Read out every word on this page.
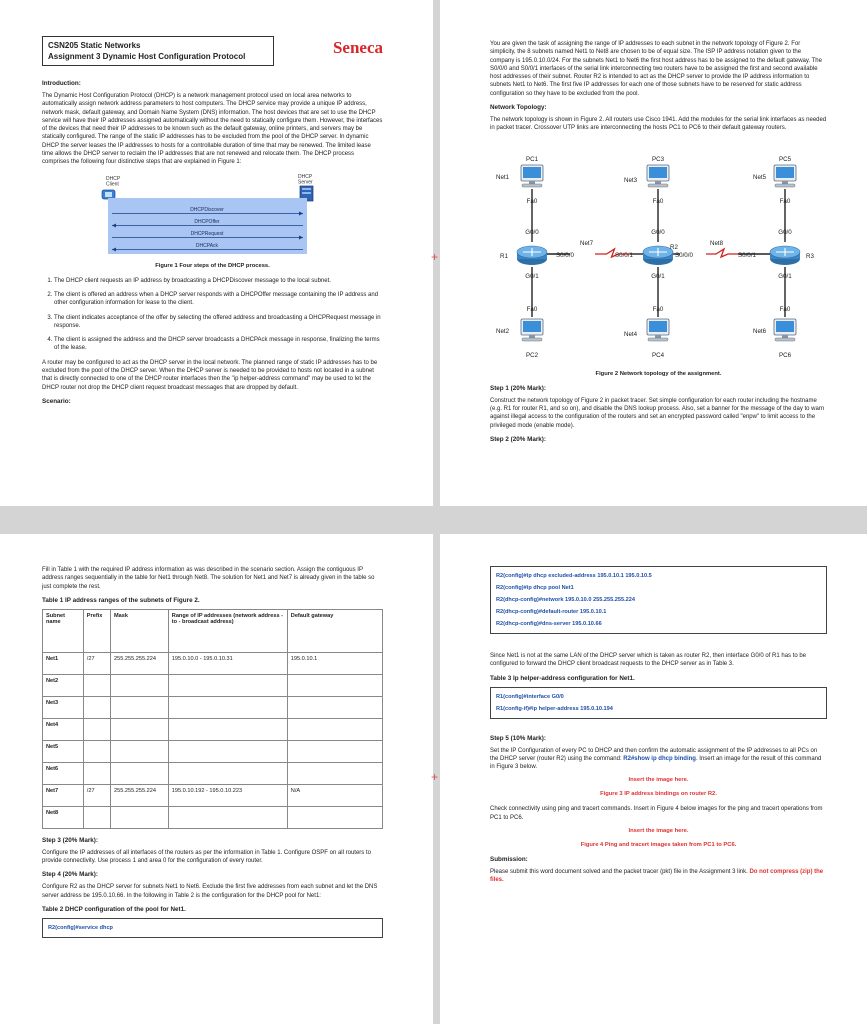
CSN205 Static Networks
Assignment 3 Dynamic Host Configuration Protocol	Seneca
Introduction:

The Dynamic Host Configuration Protocol (DHCP) is a network management protocol used on local area networks to automatically assign network address parameters to host computers. The DHCP service may provide a unique IP address, network mask, default gateway, and Domain Name System (DNS) information. The host devices that are set to use the DHCP service will have their IP addresses assigned automatically without the need to statically configure them. However, the interfaces of the devices that need their IP addresses to be known such as the default gateway, online printers, and servers may be statically configured. The range of the static IP addresses has to be excluded from the pool of the DHCP server. In dynamic DHCP the server leases the IP addresses to hosts for a controllable duration of time that may be renewed. The limited lease time allows the DHCP server to reclaim the IP addresses that are not renewed and relocate them. The DHCP process comprises the following four distinctive steps that are explained in Figure 1:

DHCP Client
DHCP Server
DHCPDiscover
DHCPOffer
DHCPRequest
DHCPAck
Figure 1 Four steps of the DHCP process.
1. The DHCP client requests an IP address by broadcasting a DHCPDiscover message to the local subnet.
2. The client is offered an address when a DHCP server responds with a DHCPOffer message containing the IP address and other configuration information for lease to the client.
3. The client indicates acceptance of the offer by selecting the offered address and broadcasting a DHCPRequest message in response.
4. The client is assigned the address and the DHCP server broadcasts a DHCPAck message in response, finalizing the terms of the lease.

A router may be configured to act as the DHCP server in the local network. The planned range of static IP addresses has to be excluded from the pool of the DHCP server. When the DHCP server is needed to be provided to hosts not located in a subnet that is directly connected to one of the DHCP router interfaces then the "ip helper-address command" may be used to let the DHCP router not drop the DHCP client request broadcast messages that are dropped by default.

Scenario:

You are given the task of assigning the range of IP addresses to each subnet in the network topology of Figure 2. For simplicity, the 8 subnets named Net1 to Net8 are chosen to be of equal size. The ISP IP address notation given to the company is 195.0.10.0/24. For the subnets Net1 to Net6 the first host address has to be assigned to the default gateway. The S0/0/0 and S0/0/1 interfaces of the serial link interconnecting two routers have to be assigned the first and second available host addresses of their subnet. Router R2 is intended to act as the DHCP server to provide the IP address information to subnets Net1 to Net6. The first five IP addresses for each one of those subnets have to be reserved for static address configuration so they have to be excluded from the pool.

Network Topology:

The network topology is shown in Figure 2. All routers use Cisco 1941. Add the modules for the serial link interfaces as needed in packet tracer. Crossover UTP links are interconnecting the hosts PC1 to PC6 to their default gateway routers.

PC1
PC2
Fa0
G0/0
G0/1
Fa0
PC3
PC4
Fa0
G0/0
G0/1
Fa0
PC5
PC6
Fa0
G0/0
G0/1
Fa0
Net1	Net3	Net5
Net2	Net4	Net6
Net7	Net8
R1
R2
R3
S0/0/0	S0/0/1	S0/0/0	S0/0/1
Figure 2 Network topology of the assignment.
Step 1 (20% Mark):

Construct the network topology of Figure 2 in packet tracer. Set simple configuration for each router including the hostname (e.g. R1 for router R1, and so on), and disable the DNS lookup process. Also, set a banner for the message of the day to warn against illegal access to the configuration of the routers and set an encrypted password called "enpw" to limit access to the privileged mode (enable mode).

Step 2 (20% Mark):

Fill in Table 1 with the required IP address information as was described in the scenario section. Assign the contiguous IP address ranges sequentially in the table for Net1 through Net8. The solution for Net1 and Net7 is already given in the table so just complete the rest.

Table 1 IP address ranges of the subnets of Figure 2.
Subnet name	Prefix	Mask	Range of IP addresses (network address - to - broadcast address)	Default gateway
Net1	/27	255.255.255.224	195.0.10.0 - 195.0.10.31	195.0.10.1
Net2				
Net3				
Net4				
Net5				
Net6				
Net7	/27	255.255.255.224	195.0.10.192 - 195.0.10.223	N/A
Net8				
Step 3 (20% Mark):

Configure the IP addresses of all interfaces of the routers as per the information in Table 1. Configure OSPF on all routers to provide connectivity. Use process 1 and area 0 for the configuration of every router.

Step 4 (20% Mark):

Configure R2 as the DHCP server for subnets Net1 to Net6. Exclude the first five addresses from each subnet and let the DNS server address be 195.0.10.66. In the following in Table 2 is the configuration for the DHCP pool for Net1:

Table 2 DHCP configuration of the pool for Net1.
R2(config)#service dhcp
R2(config)#ip dhcp excluded-address 195.0.10.1 195.0.10.5
R2(config)#ip dhcp pool Net1
R2(dhcp-config)#network 195.0.10.0 255.255.255.224
R2(dhcp-config)#default-router 195.0.10.1
R2(dhcp-config)#dns-server 195.0.10.66

Since Net1 is not at the same LAN of the DHCP server which is taken as router R2, then interface G0/0 of R1 has to be configured to forward the DHCP client broadcast requests to the DHCP server as in Table 3.

Table 3 Ip helper-address configuration for Net1.
R1(config)#interface G0/0
R1(config-if)#ip helper-address 195.0.10.194
Step 5 (10% Mark):

Set the IP Configuration of every PC to DHCP and then confirm the automatic assignment of the IP addresses to all PCs on the DHCP server (router R2) using the command: R2#show ip dhcp binding. Insert an image for the result of this command in Figure 3 below.

Insert the image here.
Figure 3 IP address bindings on router R2.

Check connectivity using ping and tracert commands. Insert in Figure 4 below images for the ping and tracert operations from PC1 to PC6.

Insert the image here.
Figure 4 Ping and tracert images taken from PC1 to PC6.
Submission:

Please submit this word document solved and the packet tracer (pkt) file in the Assignment 3 link. Do not compress (zip) the files.

+
+
